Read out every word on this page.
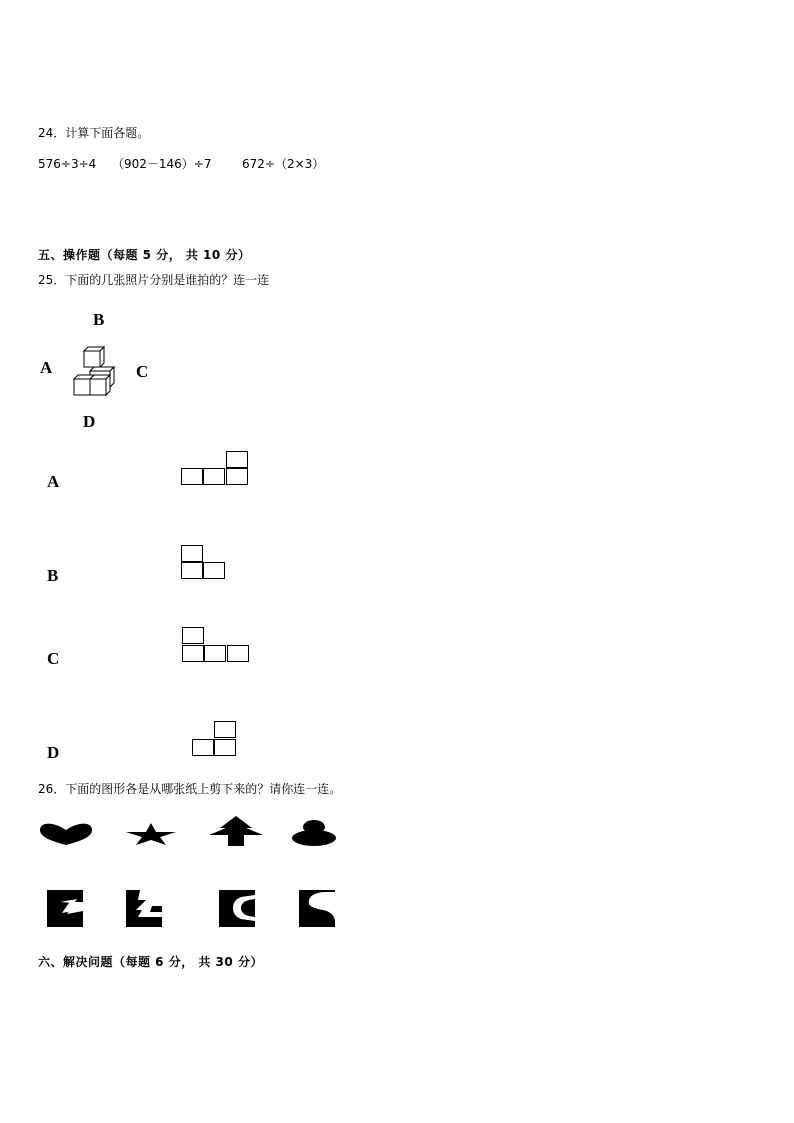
24．计算下面各题。
576÷3÷4 （902－146）÷7	672÷（2×3）
五、操作题（每题 5 分， 共 10 分）
25．下面的几张照片分别是谁拍的？连一连
B
A	C
D
A
B
C
D
26．下面的图形各是从哪张纸上剪下来的？请你连一连。
六、解决问题（每题 6 分， 共 30 分）
